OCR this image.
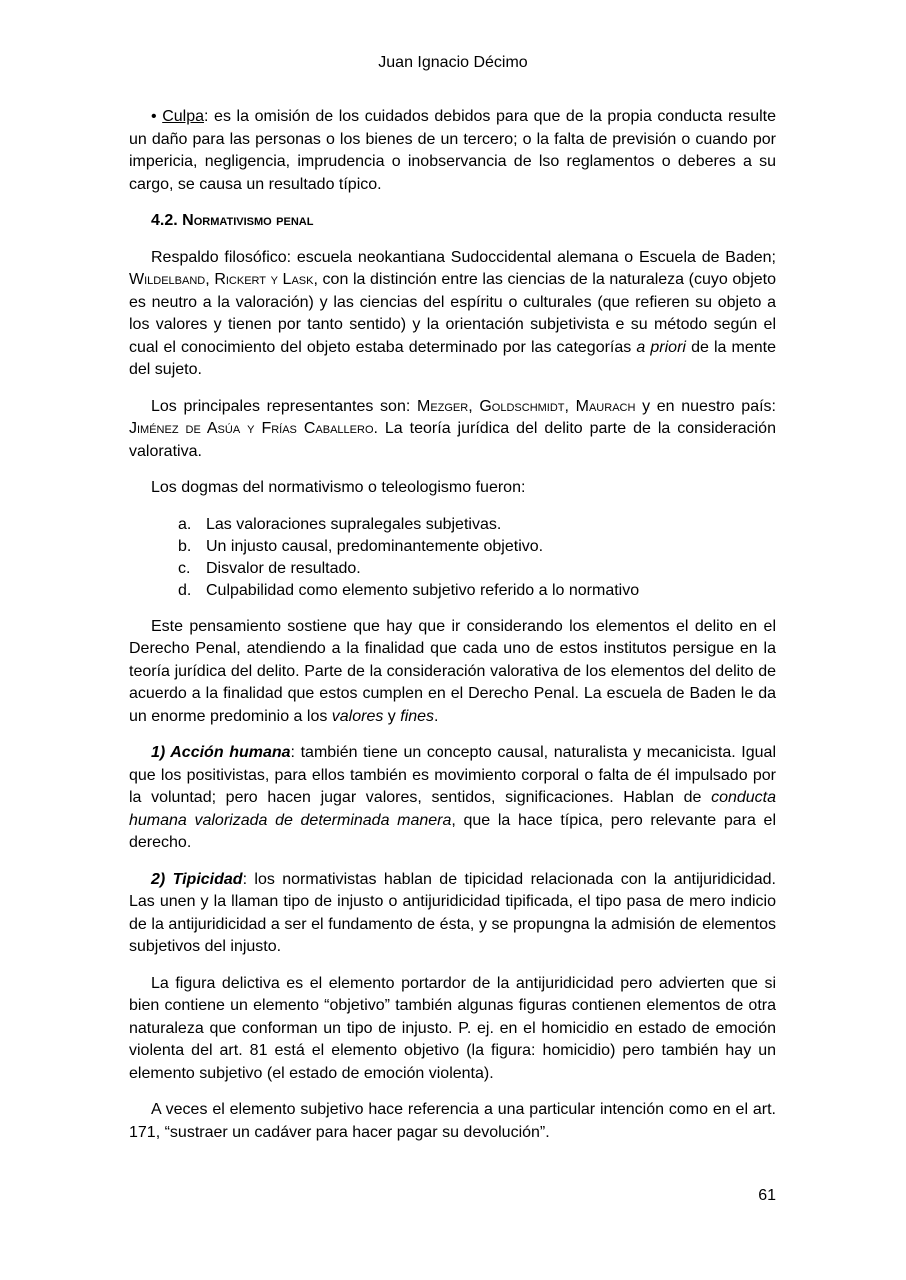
Juan Ignacio Décimo

• Culpa: es la omisión de los cuidados debidos para que de la propia conducta resulte un daño para las personas o los bienes de un tercero; o la falta de previsión o cuando por impericia, negligencia, imprudencia o inobservancia de lso reglamentos o deberes a su cargo, se causa un resultado típico.

4.2. Normativismo penal

Respaldo filosófico: escuela neokantiana Sudoccidental alemana o Escuela de Baden; Wildelband, Rickert y Lask, con la distinción entre las ciencias de la naturaleza (cuyo objeto es neutro a la valoración) y las ciencias del espíritu o culturales (que refieren su objeto a los valores y tienen por tanto sentido) y la orientación subjetivista e su método según el cual el conocimiento del objeto estaba determinado por las categorías a priori de la mente del sujeto.

Los principales representantes son: Mezger, Goldschmidt, Maurach y en nuestro país: Jiménez de Asúa y Frías Caballero. La teoría jurídica del delito parte de la consideración valorativa.

Los dogmas del normativismo o teleologismo fueron:

a. Las valoraciones supralegales subjetivas.
b. Un injusto causal, predominantemente objetivo.
c. Disvalor de resultado.
d. Culpabilidad como elemento subjetivo referido a lo normativo

Este pensamiento sostiene que hay que ir considerando los elementos el delito en el Derecho Penal, atendiendo a la finalidad que cada uno de estos institutos persigue en la teoría jurídica del delito. Parte de la consideración valorativa de los elementos del delito de acuerdo a la finalidad que estos cumplen en el Derecho Penal. La escuela de Baden le da un enorme predominio a los valores y fines.

1) Acción humana: también tiene un concepto causal, naturalista y mecanicista. Igual que los positivistas, para ellos también es movimiento corporal o falta de él impulsado por la voluntad; pero hacen jugar valores, sentidos, significaciones. Hablan de conducta humana valorizada de determinada manera, que la hace típica, pero relevante para el derecho.

2) Tipicidad: los normativistas hablan de tipicidad relacionada con la antijuridicidad. Las unen y la llaman tipo de injusto o antijuridicidad tipificada, el tipo pasa de mero indicio de la antijuridicidad a ser el fundamento de ésta, y se propungna la admisión de elementos subjetivos del injusto.

La figura delictiva es el elemento portardor de la antijuridicidad pero advierten que si bien contiene un elemento “objetivo” también algunas figuras contienen elementos de otra naturaleza que conforman un tipo de injusto. P. ej. en el homicidio en estado de emoción violenta del art. 81 está el elemento objetivo (la figura: homicidio) pero también hay un elemento subjetivo (el estado de emoción violenta).

A veces el elemento subjetivo hace referencia a una particular intención como en el art. 171, “sustraer un cadáver para hacer pagar su devolución”.

61
